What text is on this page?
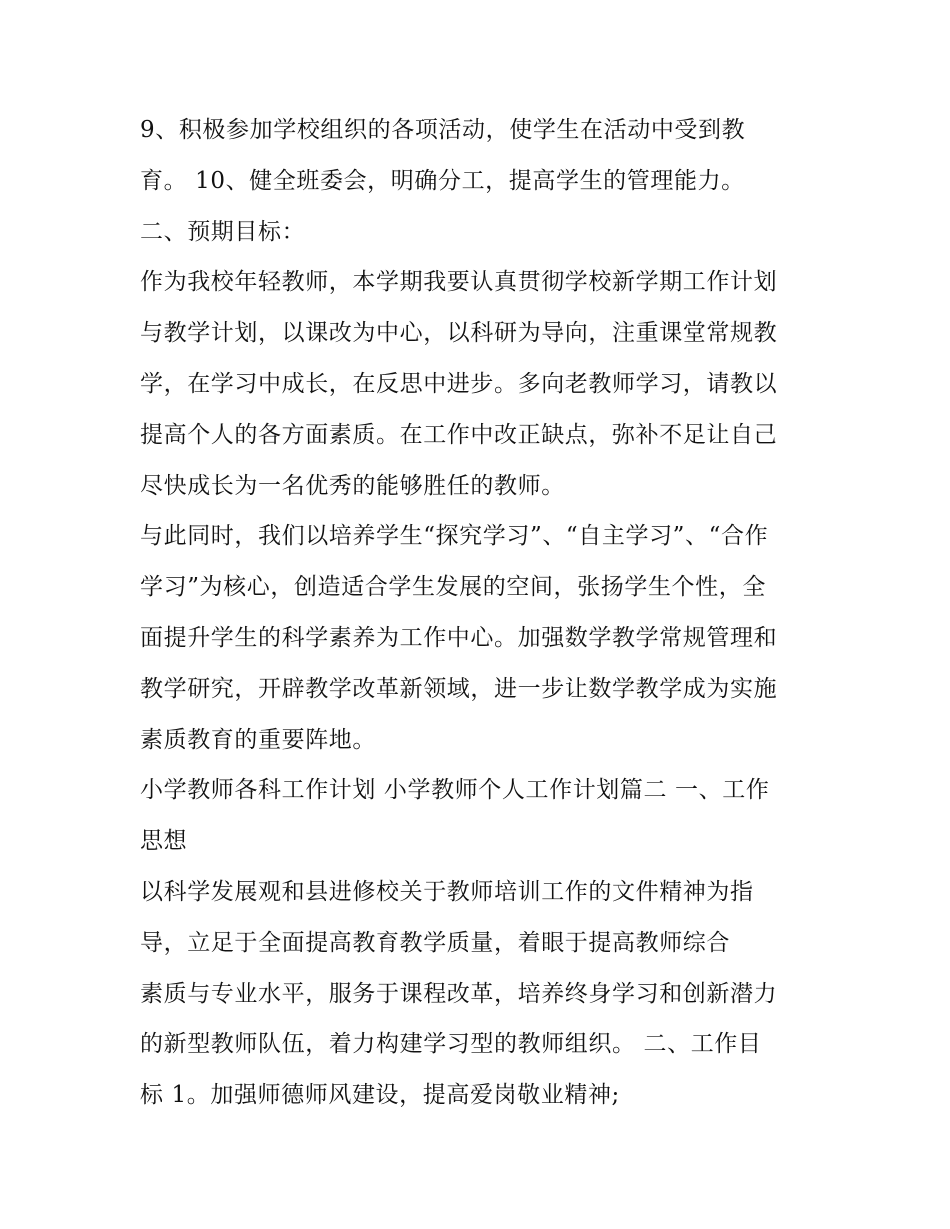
9、积极参加学校组织的各项活动，使学生在活动中受到教
育。 10、健全班委会，明确分工，提高学生的管理能力。
二、预期目标：
作为我校年轻教师，本学期我要认真贯彻学校新学期工作计划
与教学计划，以课改为中心，以科研为导向，注重课堂常规教
学，在学习中成长，在反思中进步。多向老教师学习，请教以
提高个人的各方面素质。在工作中改正缺点，弥补不足让自己
尽快成长为一名优秀的能够胜任的教师。
与此同时，我们以培养学生“探究学习”、“自主学习”、“合作
学习”为核心，创造适合学生发展的空间，张扬学生个性，全
面提升学生的科学素养为工作中心。加强数学教学常规管理和
教学研究，开辟教学改革新领域，进一步让数学教学成为实施
素质教育的重要阵地。
小学教师各科工作计划 小学教师个人工作计划篇二 一、工作
思想
以科学发展观和县进修校关于教师培训工作的文件精神为指
导，立足于全面提高教育教学质量，着眼于提高教师综合
素质与专业水平，服务于课程改革，培养终身学习和创新潜力
的新型教师队伍，着力构建学习型的教师组织。 二、工作目
标 1。加强师德师风建设，提高爱岗敬业精神;
